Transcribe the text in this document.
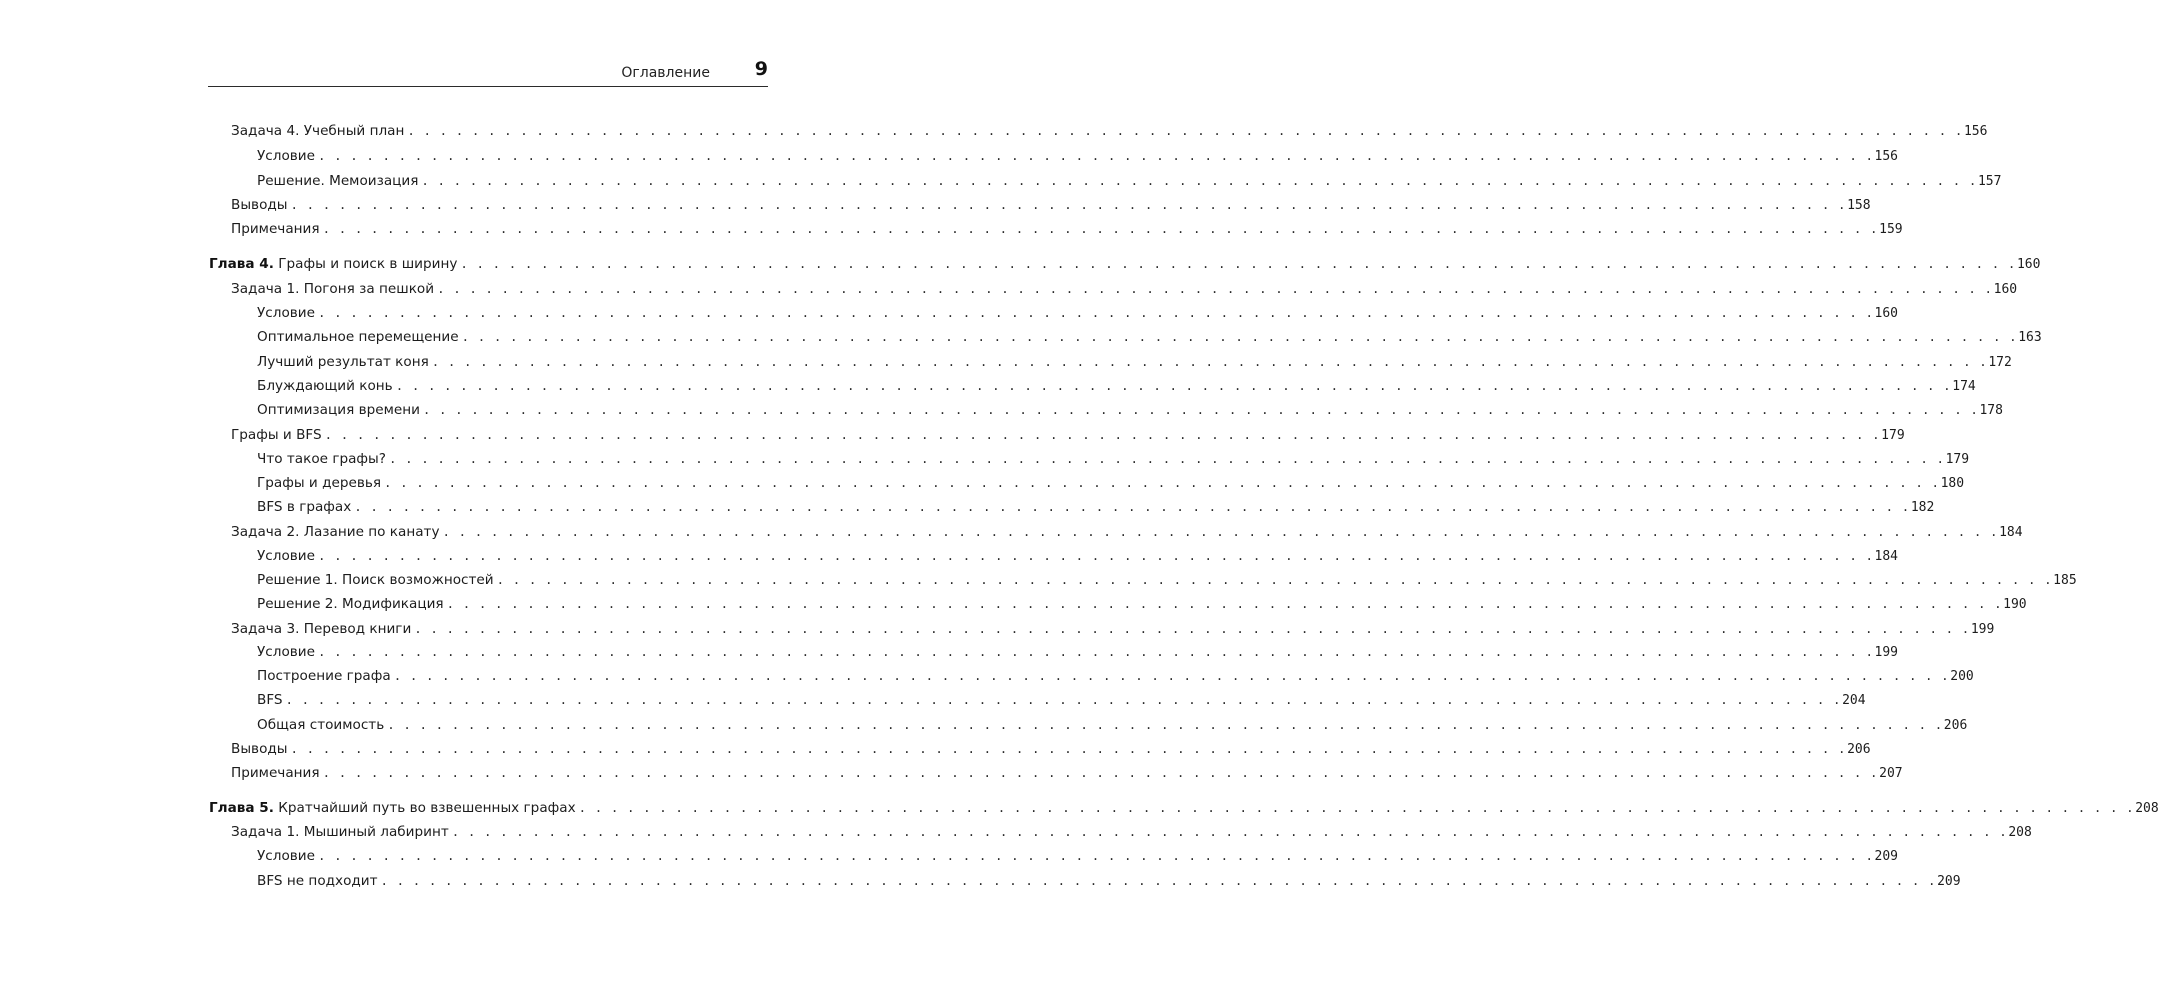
Оглавление 9
Задача 4. Учебный план . . . . . . . . . . . . . . . . . . . . . . . . . . . . . . . . . . . . . . . . . . . . . . . . . . . . . . . . . . . . . . . . . . . . . . . . . . . . . . . . . . . . . . . . . . . . . . . . . 156
Условие . . . . . . . . . . . . . . . . . . . . . . . . . . . . . . . . . . . . . . . . . . . . . . . . . . . . . . . . . . . . . . . . . . . . . . . . . . . . . . . . . . . . . . . . . . . . . . . . . 156
Решение. Мемоизация . . . . . . . . . . . . . . . . . . . . . . . . . . . . . . . . . . . . . . . . . . . . . . . . . . . . . . . . . . . . . . . . . . . . . . . . . . . . . . . . . . . . . . . . . . . . . . . . . 157
Выводы . . . . . . . . . . . . . . . . . . . . . . . . . . . . . . . . . . . . . . . . . . . . . . . . . . . . . . . . . . . . . . . . . . . . . . . . . . . . . . . . . . . . . . . . . . . . . . . . . 158
Примечания . . . . . . . . . . . . . . . . . . . . . . . . . . . . . . . . . . . . . . . . . . . . . . . . . . . . . . . . . . . . . . . . . . . . . . . . . . . . . . . . . . . . . . . . . . . . . . . . . 159
Глава 4. Графы и поиск в ширину . . . . . . . . . . . . . . . . . . . . . . . . . . . . . . . . . . . . . . . . . . . . . . . . . . . . . . . . . . . . . . . . . . . . . . . . . . . . . . . . . . . . . . . . . . . . . . . . . 160
Задача 1. Погоня за пешкой . . . . . . . . . . . . . . . . . . . . . . . . . . . . . . . . . . . . . . . . . . . . . . . . . . . . . . . . . . . . . . . . . . . . . . . . . . . . . . . . . . . . . . . . . . . . . . . . . 160
Условие . . . . . . . . . . . . . . . . . . . . . . . . . . . . . . . . . . . . . . . . . . . . . . . . . . . . . . . . . . . . . . . . . . . . . . . . . . . . . . . . . . . . . . . . . . . . . . . . . 160
Оптимальное перемещение . . . . . . . . . . . . . . . . . . . . . . . . . . . . . . . . . . . . . . . . . . . . . . . . . . . . . . . . . . . . . . . . . . . . . . . . . . . . . . . . . . . . . . . . . . . . . . . . . 163
Лучший результат коня . . . . . . . . . . . . . . . . . . . . . . . . . . . . . . . . . . . . . . . . . . . . . . . . . . . . . . . . . . . . . . . . . . . . . . . . . . . . . . . . . . . . . . . . . . . . . . . . . 172
Блуждающий конь . . . . . . . . . . . . . . . . . . . . . . . . . . . . . . . . . . . . . . . . . . . . . . . . . . . . . . . . . . . . . . . . . . . . . . . . . . . . . . . . . . . . . . . . . . . . . . . . . 174
Оптимизация времени . . . . . . . . . . . . . . . . . . . . . . . . . . . . . . . . . . . . . . . . . . . . . . . . . . . . . . . . . . . . . . . . . . . . . . . . . . . . . . . . . . . . . . . . . . . . . . . . . 178
Графы и BFS . . . . . . . . . . . . . . . . . . . . . . . . . . . . . . . . . . . . . . . . . . . . . . . . . . . . . . . . . . . . . . . . . . . . . . . . . . . . . . . . . . . . . . . . . . . . . . . . . 179
Что такое графы? . . . . . . . . . . . . . . . . . . . . . . . . . . . . . . . . . . . . . . . . . . . . . . . . . . . . . . . . . . . . . . . . . . . . . . . . . . . . . . . . . . . . . . . . . . . . . . . . . 179
Графы и деревья . . . . . . . . . . . . . . . . . . . . . . . . . . . . . . . . . . . . . . . . . . . . . . . . . . . . . . . . . . . . . . . . . . . . . . . . . . . . . . . . . . . . . . . . . . . . . . . . . 180
BFS в графах . . . . . . . . . . . . . . . . . . . . . . . . . . . . . . . . . . . . . . . . . . . . . . . . . . . . . . . . . . . . . . . . . . . . . . . . . . . . . . . . . . . . . . . . . . . . . . . . . 182
Задача 2. Лазание по канату . . . . . . . . . . . . . . . . . . . . . . . . . . . . . . . . . . . . . . . . . . . . . . . . . . . . . . . . . . . . . . . . . . . . . . . . . . . . . . . . . . . . . . . . . . . . . . . . . 184
Условие . . . . . . . . . . . . . . . . . . . . . . . . . . . . . . . . . . . . . . . . . . . . . . . . . . . . . . . . . . . . . . . . . . . . . . . . . . . . . . . . . . . . . . . . . . . . . . . . . 184
Решение 1. Поиск возможностей . . . . . . . . . . . . . . . . . . . . . . . . . . . . . . . . . . . . . . . . . . . . . . . . . . . . . . . . . . . . . . . . . . . . . . . . . . . . . . . . . . . . . . . . . . . . . . . . . 185
Решение 2. Модификация . . . . . . . . . . . . . . . . . . . . . . . . . . . . . . . . . . . . . . . . . . . . . . . . . . . . . . . . . . . . . . . . . . . . . . . . . . . . . . . . . . . . . . . . . . . . . . . . . 190
Задача 3. Перевод книги . . . . . . . . . . . . . . . . . . . . . . . . . . . . . . . . . . . . . . . . . . . . . . . . . . . . . . . . . . . . . . . . . . . . . . . . . . . . . . . . . . . . . . . . . . . . . . . . . 199
Условие . . . . . . . . . . . . . . . . . . . . . . . . . . . . . . . . . . . . . . . . . . . . . . . . . . . . . . . . . . . . . . . . . . . . . . . . . . . . . . . . . . . . . . . . . . . . . . . . . 199
Построение графа . . . . . . . . . . . . . . . . . . . . . . . . . . . . . . . . . . . . . . . . . . . . . . . . . . . . . . . . . . . . . . . . . . . . . . . . . . . . . . . . . . . . . . . . . . . . . . . . . 200
BFS . . . . . . . . . . . . . . . . . . . . . . . . . . . . . . . . . . . . . . . . . . . . . . . . . . . . . . . . . . . . . . . . . . . . . . . . . . . . . . . . . . . . . . . . . . . . . . . . . 204
Общая стоимость . . . . . . . . . . . . . . . . . . . . . . . . . . . . . . . . . . . . . . . . . . . . . . . . . . . . . . . . . . . . . . . . . . . . . . . . . . . . . . . . . . . . . . . . . . . . . . . . . 206
Выводы . . . . . . . . . . . . . . . . . . . . . . . . . . . . . . . . . . . . . . . . . . . . . . . . . . . . . . . . . . . . . . . . . . . . . . . . . . . . . . . . . . . . . . . . . . . . . . . . . 206
Примечания . . . . . . . . . . . . . . . . . . . . . . . . . . . . . . . . . . . . . . . . . . . . . . . . . . . . . . . . . . . . . . . . . . . . . . . . . . . . . . . . . . . . . . . . . . . . . . . . . 207
Глава 5. Кратчайший путь во взвешенных графах . . . . . . . . . . . . . . . . . . . . . . . . . . . . . . . . . . . . . . . . . . . . . . . . . . . . . . . . . . . . . . . . . . . . . . . . . . . . . . . . . . . . . . . . . . . . . . . . . 208
Задача 1. Мышиный лабиринт . . . . . . . . . . . . . . . . . . . . . . . . . . . . . . . . . . . . . . . . . . . . . . . . . . . . . . . . . . . . . . . . . . . . . . . . . . . . . . . . . . . . . . . . . . . . . . . . . 208
Условие . . . . . . . . . . . . . . . . . . . . . . . . . . . . . . . . . . . . . . . . . . . . . . . . . . . . . . . . . . . . . . . . . . . . . . . . . . . . . . . . . . . . . . . . . . . . . . . . . 209
BFS не подходит . . . . . . . . . . . . . . . . . . . . . . . . . . . . . . . . . . . . . . . . . . . . . . . . . . . . . . . . . . . . . . . . . . . . . . . . . . . . . . . . . . . . . . . . . . . . . . . . . 209
